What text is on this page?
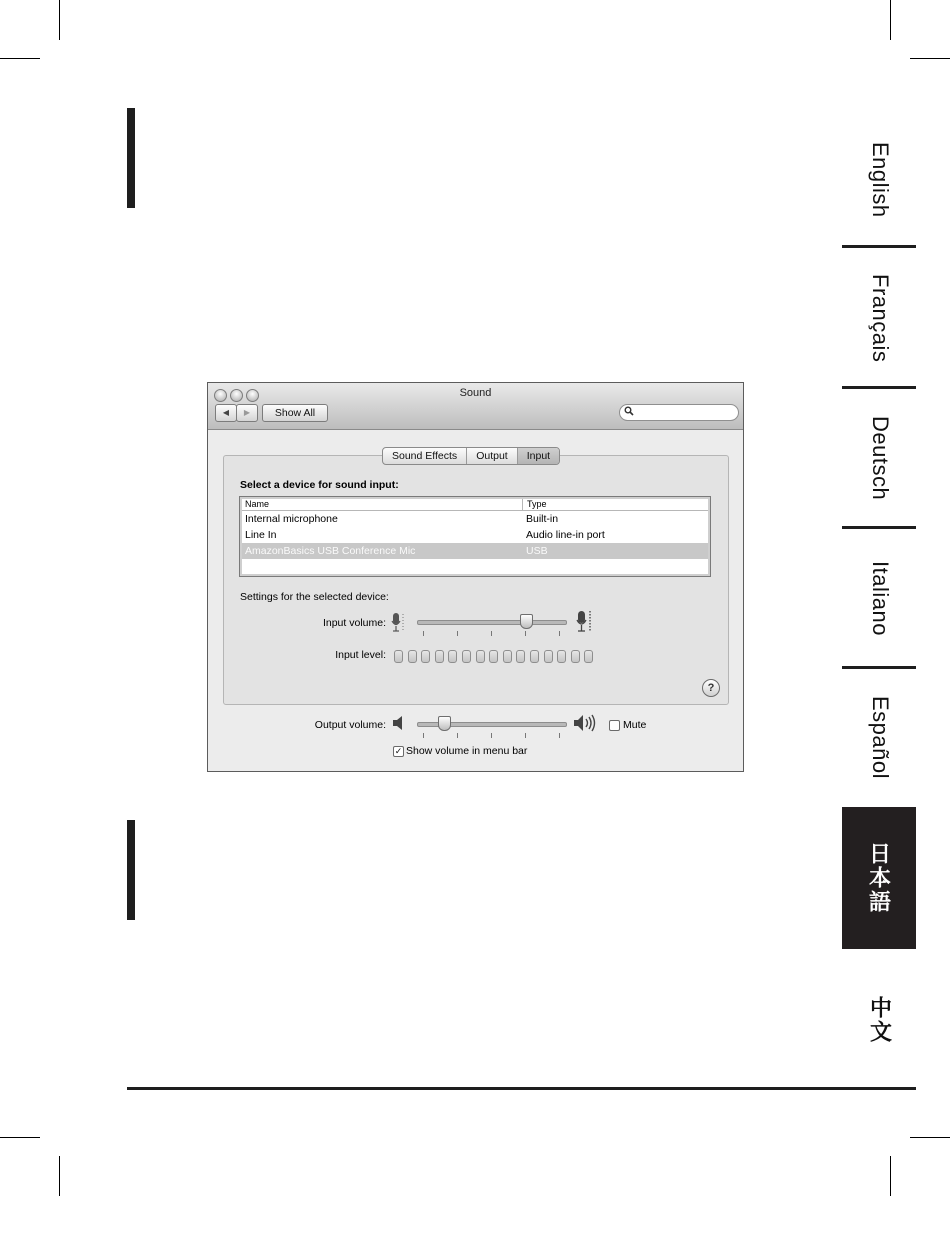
English
Français
Deutsch
Italiano
Español
日本語
中文
Sound
◀	▶	Show All
Sound Effects	Output	Input
Select a device for sound input:
Name	Type
Internal microphone	Built-in
Line In	Audio line-in port
AmazonBasics USB Conference Mic	USB
Settings for the selected device:
Input volume:
Input level:
?
Output volume:	Mute
✓ Show volume in menu bar
